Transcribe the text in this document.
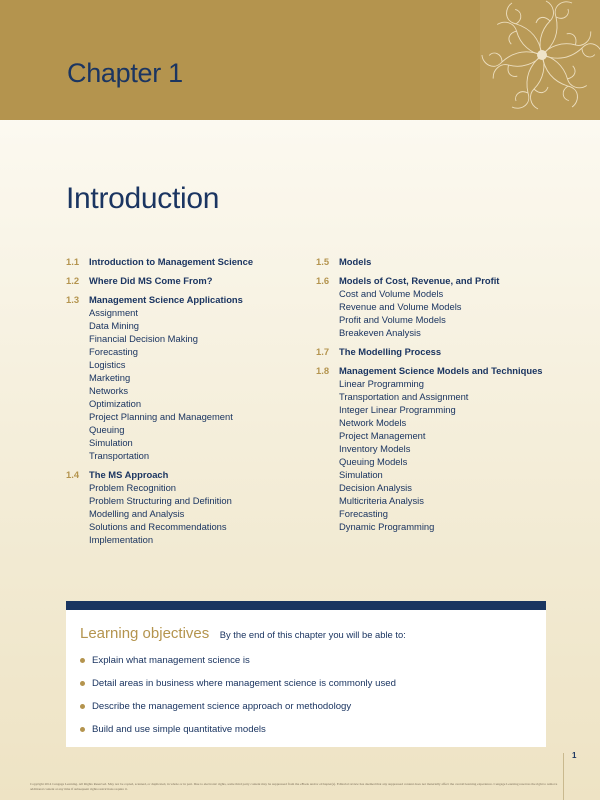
Chapter 1
Introduction
1.1	Introduction to Management Science
1.2	Where Did MS Come From?
1.3	Management Science Applications
Assignment
Data Mining
Financial Decision Making
Forecasting
Logistics
Marketing
Networks
Optimization
Project Planning and Management
Queuing
Simulation
Transportation
1.4	The MS Approach
Problem Recognition
Problem Structuring and Definition
Modelling and Analysis
Solutions and Recommendations
Implementation
1.5	Models
1.6	Models of Cost, Revenue, and Profit
Cost and Volume Models
Revenue and Volume Models
Profit and Volume Models
Breakeven Analysis
1.7	The Modelling Process
1.8	Management Science Models and Techniques
Linear Programming
Transportation and Assignment
Integer Linear Programming
Network Models
Project Management
Inventory Models
Queuing Models
Simulation
Decision Analysis
Multicriteria Analysis
Forecasting
Dynamic Programming
Learning objectives By the end of this chapter you will be able to:
Explain what management science is
Detail areas in business where management science is commonly used
Describe the management science approach or methodology
Build and use simple quantitative models
1
Copyright 2014 Cengage Learning. All Rights Reserved. May not be copied, scanned, or duplicated, in whole or in part. Due to electronic rights, some third party content may be suppressed from the eBook and/or eChapter(s). Editorial review has deemed that any suppressed content does not materially affect the overall learning experience. Cengage Learning reserves the right to remove additional content at any time if subsequent rights restrictions require it.
